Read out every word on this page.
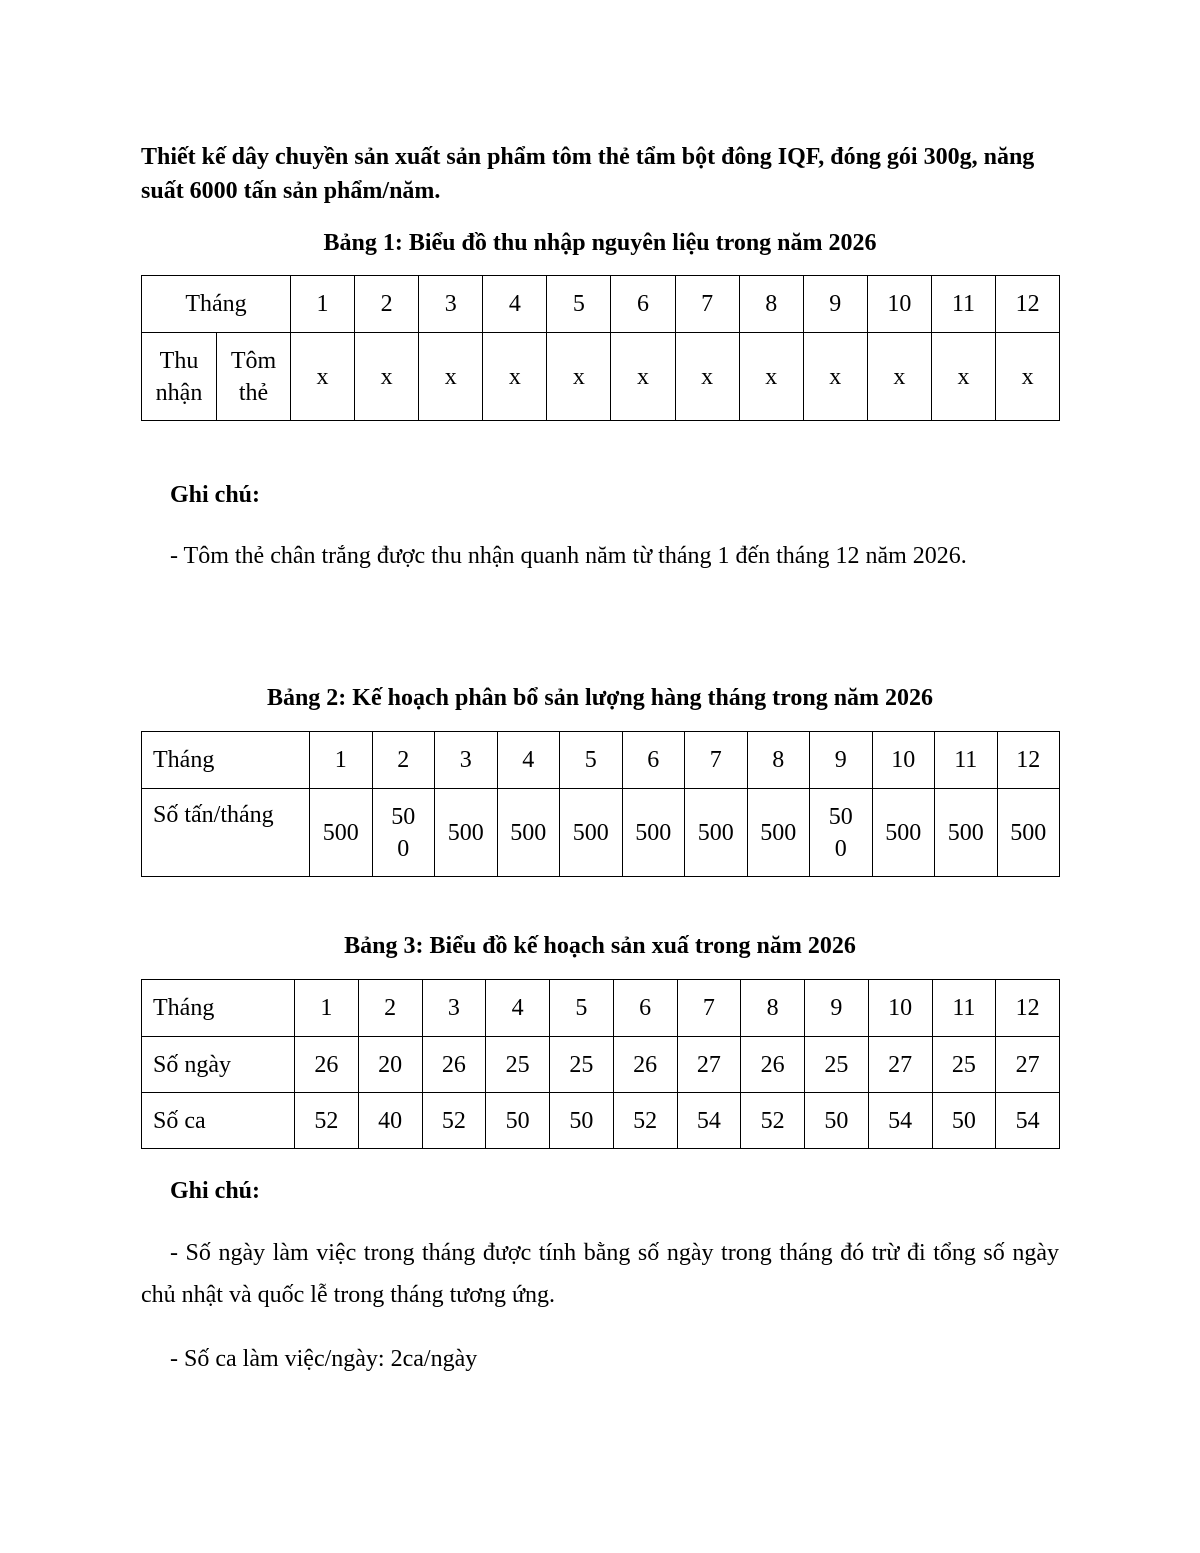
Thiết kế dây chuyền sản xuất sản phẩm tôm thẻ tẩm bột đông IQF, đóng gói 300g, năng suất 6000 tấn sản phẩm/năm.

Bảng 1: Biểu đồ thu nhập nguyên liệu trong năm 2026
Tháng		1	2	3	4	5	6	7	8	9	10	11	12
Thu nhận	Tôm thẻ	x	x	x	x	x	x	x	x	x	x	x	x
Ghi chú:

- Tôm thẻ chân trắng được thu nhận quanh năm từ tháng 1 đến tháng 12 năm 2026.

Bảng 2: Kế hoạch phân bổ sản lượng hàng tháng trong năm 2026
Tháng	1	2	3	4	5	6	7	8	9	10	11	12
Số tấn/tháng	500	500	500	500	500	500	500	500	500	500	500	500
Bảng 3: Biểu đồ kế hoạch sản xuấ trong năm 2026
Tháng	1	2	3	4	5	6	7	8	9	10	11	12
Số ngày	26	20	26	25	25	26	27	26	25	27	25	27
Số ca	52	40	52	50	50	52	54	52	50	54	50	54
Ghi chú:

- Số ngày làm việc trong tháng được tính bằng số ngày trong tháng đó trừ đi tổng số ngày chủ nhật và quốc lễ trong tháng tương ứng.

- Số ca làm việc/ngày: 2ca/ngày
